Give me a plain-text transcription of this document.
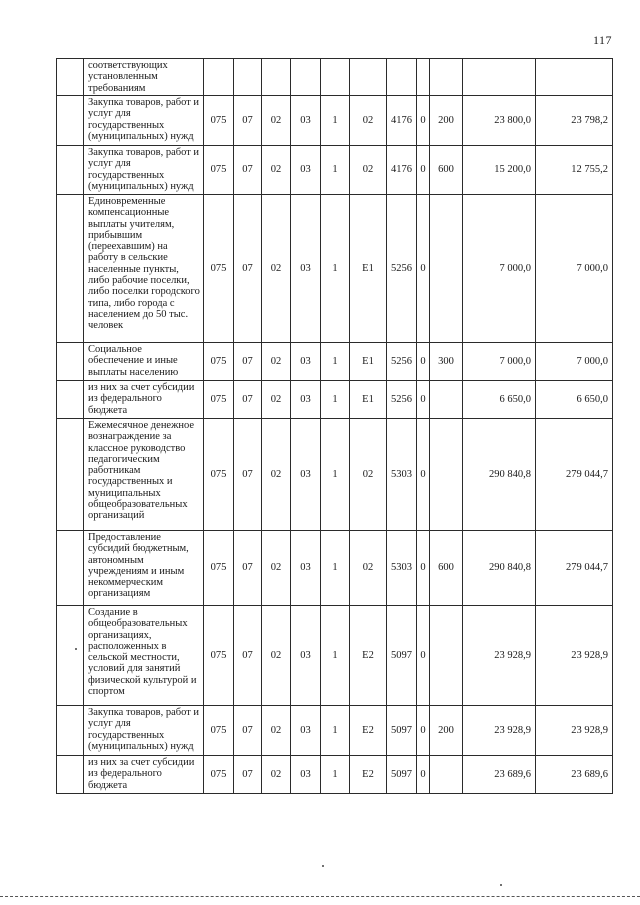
117
	соответствующих установленным требованиям											
	Закупка товаров, работ и услуг для государственных (муниципальных) нужд	075	07	02	03	1	02	4176	0	200	23 800,0	23 798,2
	Закупка товаров, работ и услуг для государственных (муниципальных) нужд	075	07	02	03	1	02	4176	0	600	15 200,0	12 755,2
	Единовременные компенсационные выплаты учителям, прибывшим (переехавшим) на работу в сельские населенные пункты, либо рабочие поселки, либо поселки городского типа, либо города с населением до 50 тыс. человек	075	07	02	03	1	E1	5256	0		7 000,0	7 000,0
	Социальное обеспечение и иные выплаты населению	075	07	02	03	1	E1	5256	0	300	7 000,0	7 000,0
	из них за счет субсидии из федерального бюджета	075	07	02	03	1	E1	5256	0		6 650,0	6 650,0
	Ежемесячное денежное вознаграждение за классное руководство педагогическим работникам государственных и муниципальных общеобразовательных организаций	075	07	02	03	1	02	5303	0		290 840,8	279 044,7
	Предоставление субсидий бюджетным, автономным учреждениям и иным некоммерческим организациям	075	07	02	03	1	02	5303	0	600	290 840,8	279 044,7
	Создание в общеобразовательных организациях, расположенных в сельской местности, условий для занятий физической культурой и спортом	075	07	02	03	1	E2	5097	0		23 928,9	23 928,9
	Закупка товаров, работ и услуг для государственных (муниципальных) нужд	075	07	02	03	1	E2	5097	0	200	23 928,9	23 928,9
	из них за счет субсидии из федерального бюджета	075	07	02	03	1	E2	5097	0		23 689,6	23 689,6
